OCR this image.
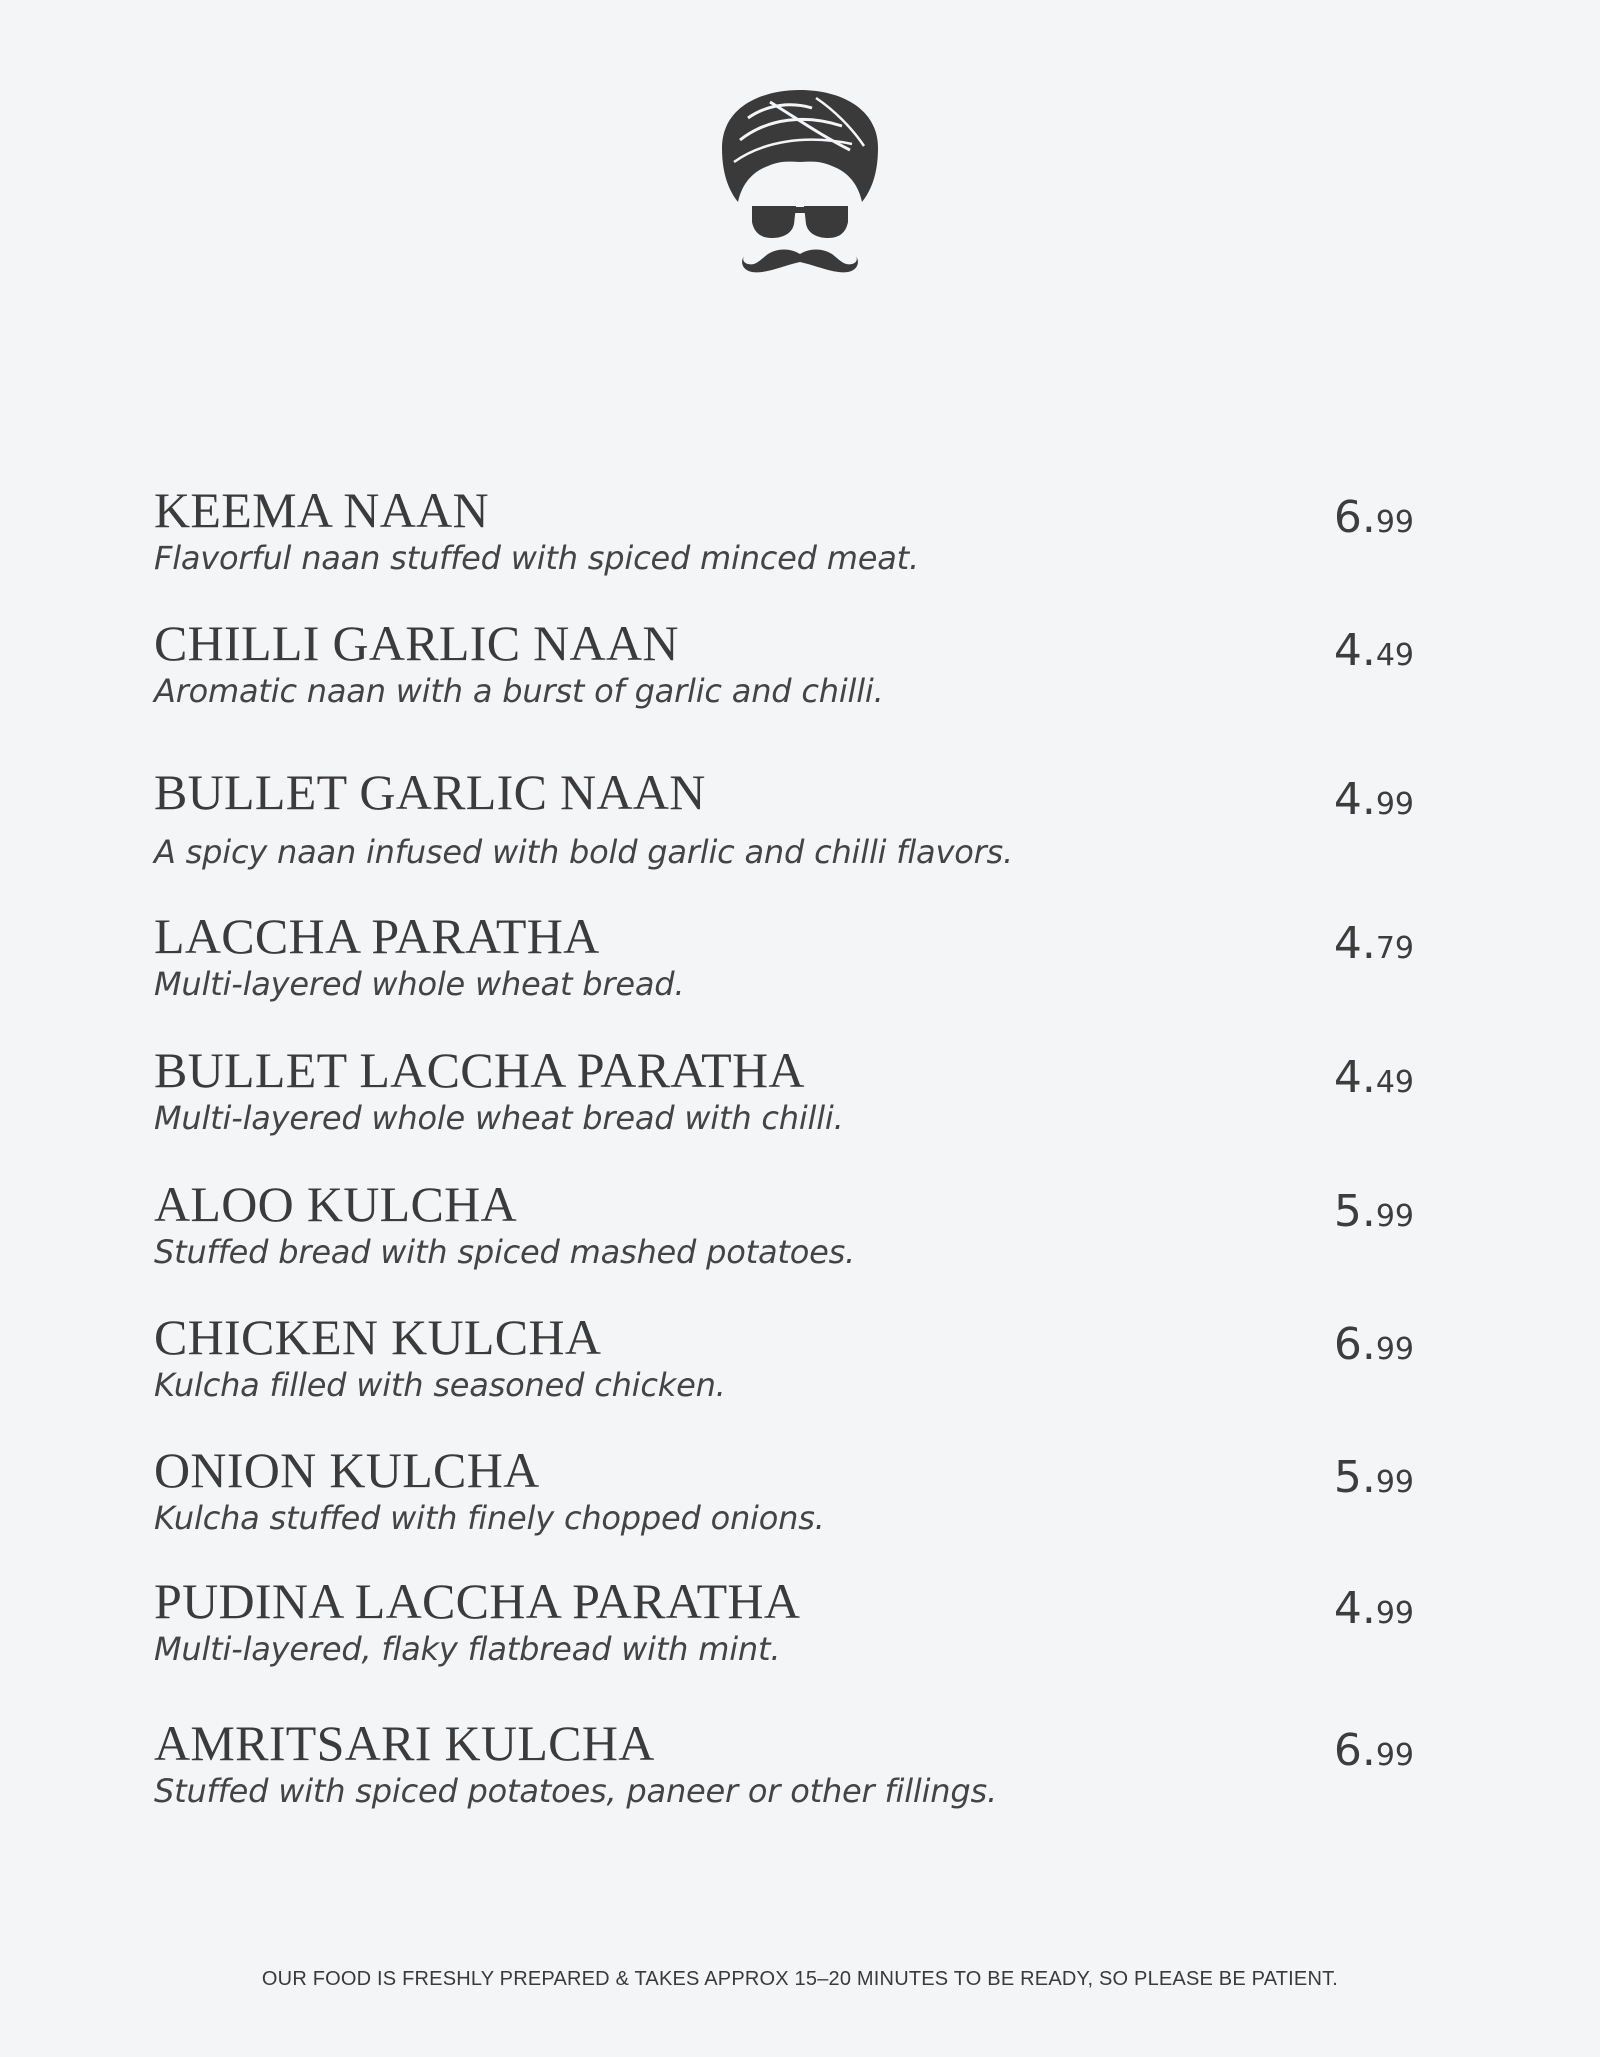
KEEMA NAAN
Flavorful naan stuffed with spiced minced meat.
6.99
CHILLI GARLIC NAAN
Aromatic naan with a burst of garlic and chilli.
4.49
BULLET GARLIC NAAN
A spicy naan infused with bold garlic and chilli flavors.
4.99
LACCHA PARATHA
Multi-layered whole wheat bread.
4.79
BULLET LACCHA PARATHA
Multi-layered whole wheat bread with chilli.
4.49
ALOO KULCHA
Stuffed bread with spiced mashed potatoes.
5.99
CHICKEN KULCHA
Kulcha filled with seasoned chicken.
6.99
ONION KULCHA
Kulcha stuffed with finely chopped onions.
5.99
PUDINA LACCHA PARATHA
Multi-layered, flaky flatbread with mint.
4.99
AMRITSARI KULCHA
Stuffed with spiced potatoes, paneer or other fillings.
6.99
OUR FOOD IS FRESHLY PREPARED & TAKES APPROX 15–20 MINUTES TO BE READY, SO PLEASE BE PATIENT.
